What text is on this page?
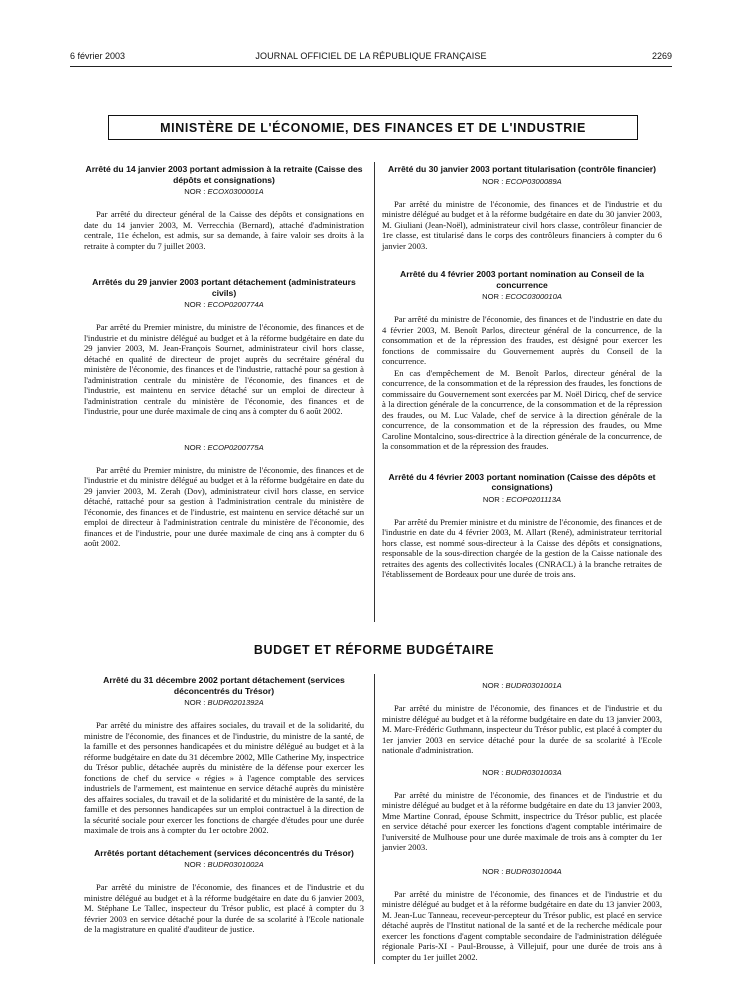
6 février 2003	JOURNAL OFFICIEL DE LA RÉPUBLIQUE FRANÇAISE	2269
MINISTÈRE DE L'ÉCONOMIE, DES FINANCES ET DE L'INDUSTRIE
Arrêté du 14 janvier 2003 portant admission à la retraite (Caisse des dépôts et consignations)
NOR : ECOX0300001A

Par arrêté du directeur général de la Caisse des dépôts et consignations en date du 14 janvier 2003, M. Verrecchia (Bernard), attaché d'administration centrale, 11e échelon, est admis, sur sa demande, à faire valoir ses droits à la retraite à compter du 7 juillet 2003.

Arrêtés du 29 janvier 2003 portant détachement (administrateurs civils)
NOR : ECOP0200774A

Par arrêté du Premier ministre, du ministre de l'économie, des finances et de l'industrie et du ministre délégué au budget et à la réforme budgétaire en date du 29 janvier 2003, M. Jean-François Sournet, administrateur civil hors classe, détaché en qualité de directeur de projet auprès du secrétaire général du ministère de l'économie, des finances et de l'industrie, rattaché pour sa gestion à l'administration centrale du ministère de l'économie, des finances et de l'industrie, est maintenu en service détaché sur un emploi de directeur à l'administration centrale du ministère de l'économie, des finances et de l'industrie, pour une durée maximale de cinq ans à compter du 6 août 2002.

NOR : ECOP0200775A

Par arrêté du Premier ministre, du ministre de l'économie, des finances et de l'industrie et du ministre délégué au budget et à la réforme budgétaire en date du 29 janvier 2003, M. Zerah (Dov), administrateur civil hors classe, en service détaché, rattaché pour sa gestion à l'administration centrale du ministère de l'économie, des finances et de l'industrie, est maintenu en service détaché sur un emploi de directeur à l'administration centrale du ministère de l'économie, des finances et de l'industrie, pour une durée maximale de cinq ans à compter du 6 août 2002.

Arrêté du 30 janvier 2003 portant titularisation (contrôle financier)
NOR : ECOP0300089A

Par arrêté du ministre de l'économie, des finances et de l'industrie et du ministre délégué au budget et à la réforme budgétaire en date du 30 janvier 2003, M. Giuliani (Jean-Noël), administrateur civil hors classe, contrôleur financier de 1re classe, est titularisé dans le corps des contrôleurs financiers à compter du 6 janvier 2003.

Arrêté du 4 février 2003 portant nomination au Conseil de la concurrence
NOR : ECOC0300010A

Par arrêté du ministre de l'économie, des finances et de l'industrie en date du 4 février 2003, M. Benoît Parlos, directeur général de la concurrence, de la consommation et de la répression des fraudes, est désigné pour exercer les fonctions de commissaire du Gouvernement auprès du Conseil de la concurrence.

En cas d'empêchement de M. Benoît Parlos, directeur général de la concurrence, de la consommation et de la répression des fraudes, les fonctions de commissaire du Gouvernement sont exercées par M. Noël Diricq, chef de service à la direction générale de la concurrence, de la consommation et de la répression des fraudes, ou M. Luc Valade, chef de service à la direction générale de la concurrence, de la consommation et de la répression des fraudes, ou Mme Caroline Montalcino, sous-directrice à la direction générale de la concurrence, de la consommation et de la répression des fraudes.

Arrêté du 4 février 2003 portant nomination (Caisse des dépôts et consignations)
NOR : ECOP0201113A

Par arrêté du Premier ministre et du ministre de l'économie, des finances et de l'industrie en date du 4 février 2003, M. Allart (René), administrateur territorial hors classe, est nommé sous-directeur à la Caisse des dépôts et consignations, responsable de la sous-direction chargée de la gestion de la Caisse nationale des retraites des agents des collectivités locales (CNRACL) à la branche retraites de l'établissement de Bordeaux pour une durée de trois ans.

BUDGET ET RÉFORME BUDGÉTAIRE
Arrêté du 31 décembre 2002 portant détachement (services déconcentrés du Trésor)
NOR : BUDR0201392A

Par arrêté du ministre des affaires sociales, du travail et de la solidarité, du ministre de l'économie, des finances et de l'industrie, du ministre de la santé, de la famille et des personnes handicapées et du ministre délégué au budget et à la réforme budgétaire en date du 31 décembre 2002, Mlle Catherine My, inspectrice du Trésor public, détachée auprès du ministère de la défense pour exercer les fonctions de chef du service « régies » à l'agence comptable des services industriels de l'armement, est maintenue en service détaché auprès du ministère des affaires sociales, du travail et de la solidarité et du ministère de la santé, de la famille et des personnes handicapées sur un emploi contractuel à la direction de la sécurité sociale pour exercer les fonctions de chargée d'études pour une durée maximale de trois ans à compter du 1er octobre 2002.

Arrêtés portant détachement (services déconcentrés du Trésor)
NOR : BUDR0301002A

Par arrêté du ministre de l'économie, des finances et de l'industrie et du ministre délégué au budget et à la réforme budgétaire en date du 6 janvier 2003, M. Stéphane Le Tallec, inspecteur du Trésor public, est placé à compter du 3 février 2003 en service détaché pour la durée de sa scolarité à l'Ecole nationale de la magistrature en qualité d'auditeur de justice.

NOR : BUDR0301001A

Par arrêté du ministre de l'économie, des finances et de l'industrie et du ministre délégué au budget et à la réforme budgétaire en date du 13 janvier 2003, M. Marc-Frédéric Guthmann, inspecteur du Trésor public, est placé à compter du 1er janvier 2003 en service détaché pour la durée de sa scolarité à l'Ecole nationale d'administration.

NOR : BUDR0301003A

Par arrêté du ministre de l'économie, des finances et de l'industrie et du ministre délégué au budget et à la réforme budgétaire en date du 13 janvier 2003, Mme Martine Conrad, épouse Schmitt, inspectrice du Trésor public, est placée en service détaché pour exercer les fonctions d'agent comptable intérimaire de l'université de Mulhouse pour une durée maximale de trois ans à compter du 1er janvier 2003.

NOR : BUDR0301004A

Par arrêté du ministre de l'économie, des finances et de l'industrie et du ministre délégué au budget et à la réforme budgétaire en date du 13 janvier 2003, M. Jean-Luc Tanneau, receveur-percepteur du Trésor public, est placé en service détaché auprès de l'Institut national de la santé et de la recherche médicale pour exercer les fonctions d'agent comptable secondaire de l'administration déléguée régionale Paris-XI - Paul-Brousse, à Villejuif, pour une durée de trois ans à compter du 1er juillet 2002.
